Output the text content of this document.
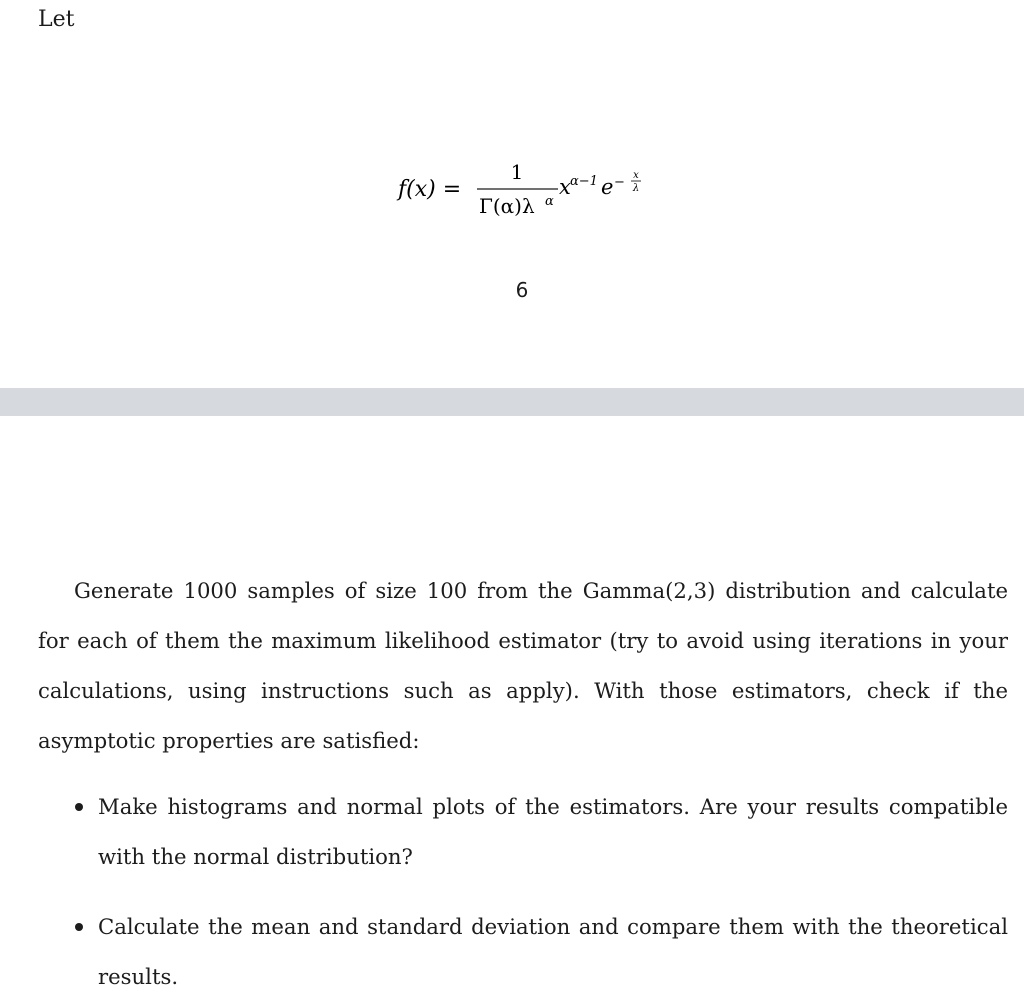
Let
f(x) =
1
Γ(α)λ α
x α−1 e − x
λ
6

Generate 1000 samples of size 100 from the Gamma(2,3) distribution and calculate for each of them the maximum likelihood estimator (try to avoid using iterations in your calculations, using instructions such as apply). With those estimators, check if the asymptotic properties are satisfied:

Make histograms and normal plots of the estimators. Are your results compatible with the normal distribution?
Calculate the mean and standard deviation and compare them with the theoretical results.
